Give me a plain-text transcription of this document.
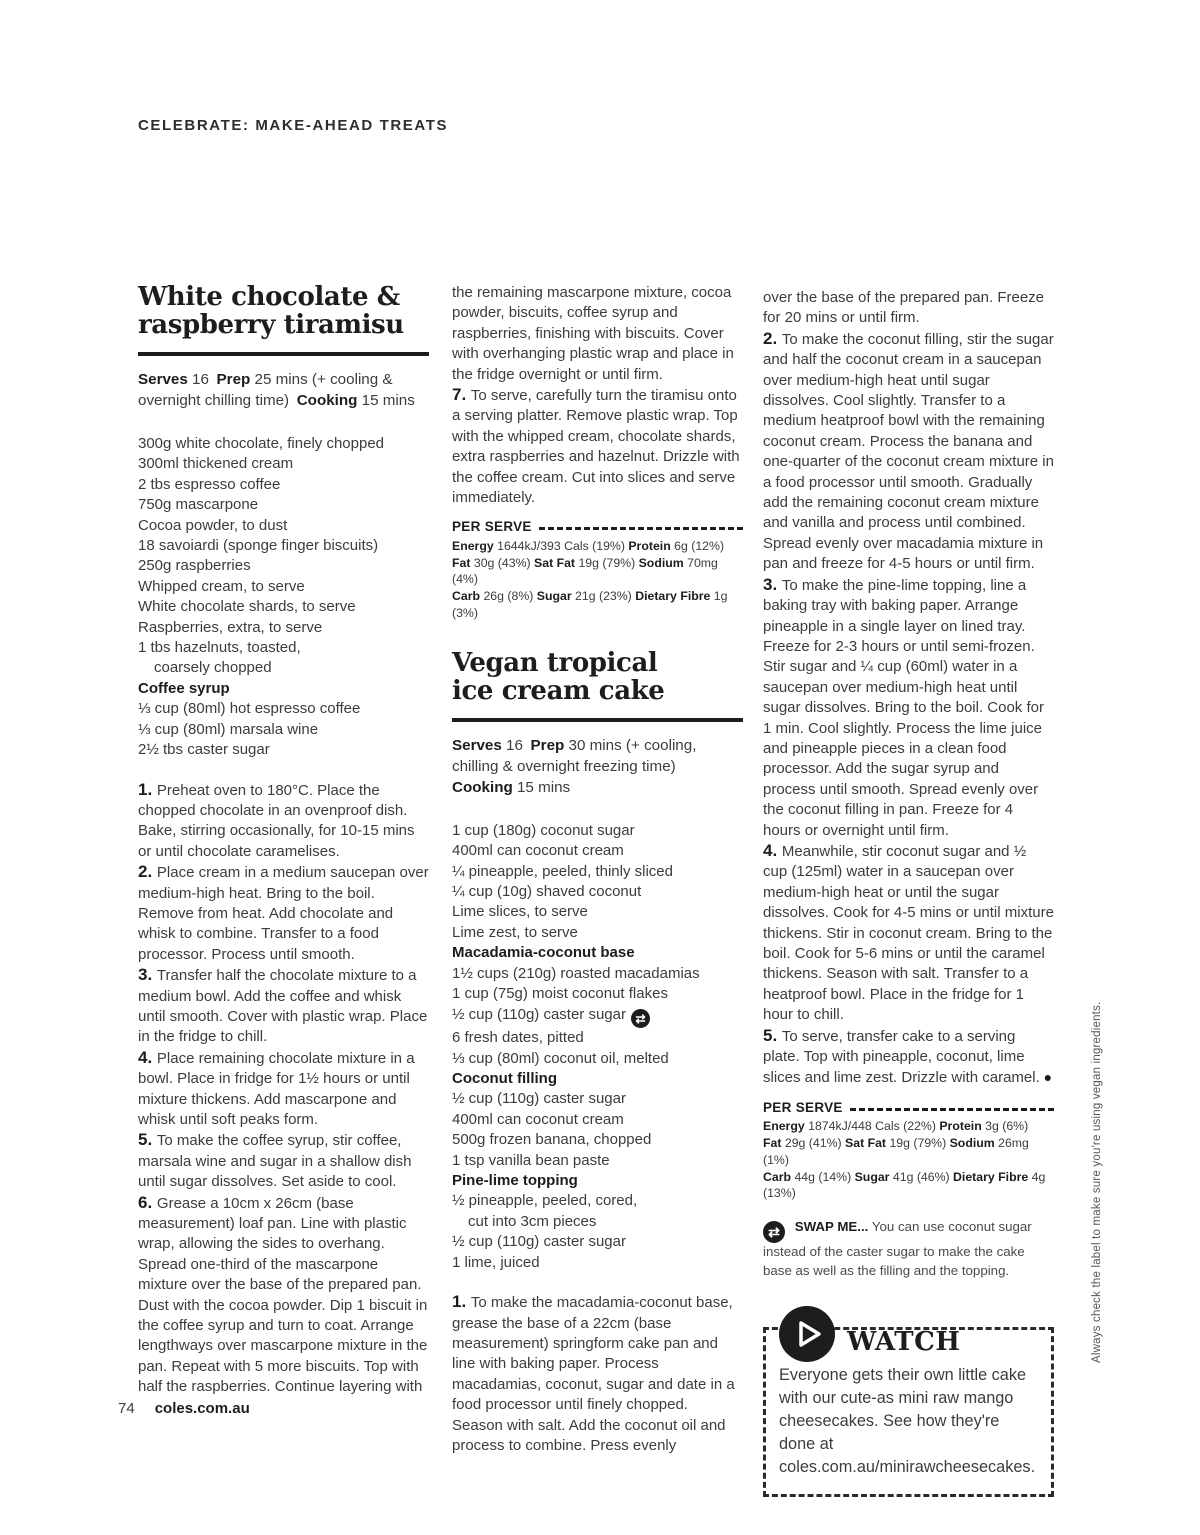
CELEBRATE: MAKE-AHEAD TREATS
White chocolate &
raspberry tiramisu

Serves 16 Prep 25 mins (+ cooling & overnight chilling time) Cooking 15 mins

300g white chocolate, finely chopped
300ml thickened cream
2 tbs espresso coffee
750g mascarpone
Cocoa powder, to dust
18 savoiardi (sponge finger biscuits)
250g raspberries
Whipped cream, to serve
White chocolate shards, to serve
Raspberries, extra, to serve
1 tbs hazelnuts, toasted,
coarsely chopped
Coffee syrup
⅓ cup (80ml) hot espresso coffee
⅓ cup (80ml) marsala wine
2½ tbs caster sugar

1. Preheat oven to 180°C. Place the chopped chocolate in an ovenproof dish. Bake, stirring occasionally, for 10-15 mins or until chocolate caramelises.

2. Place cream in a medium saucepan over medium-high heat. Bring to the boil. Remove from heat. Add chocolate and whisk to combine. Transfer to a food processor. Process until smooth.

3. Transfer half the chocolate mixture to a medium bowl. Add the coffee and whisk until smooth. Cover with plastic wrap. Place in the fridge to chill.

4. Place remaining chocolate mixture in a bowl. Place in fridge for 1½ hours or until mixture thickens. Add mascarpone and whisk until soft peaks form.

5. To make the coffee syrup, stir coffee, marsala wine and sugar in a shallow dish until sugar dissolves. Set aside to cool.

6. Grease a 10cm x 26cm (base measurement) loaf pan. Line with plastic wrap, allowing the sides to overhang. Spread one-third of the mascarpone mixture over the base of the prepared pan. Dust with the cocoa powder. Dip 1 biscuit in the coffee syrup and turn to coat. Arrange lengthways over mascarpone mixture in the pan. Repeat with 5 more biscuits. Top with half the raspberries. Continue layering with

the remaining mascarpone mixture, cocoa powder, biscuits, coffee syrup and raspberries, finishing with biscuits. Cover with overhanging plastic wrap and place in the fridge overnight or until firm.

7. To serve, carefully turn the tiramisu onto a serving platter. Remove plastic wrap. Top with the whipped cream, chocolate shards, extra raspberries and hazelnut. Drizzle with the coffee cream. Cut into slices and serve immediately.

PER SERVE
Energy 1644kJ/393 Cals (19%) Protein 6g (12%)
Fat 30g (43%) Sat Fat 19g (79%) Sodium 70mg (4%)
Carb 26g (8%) Sugar 21g (23%) Dietary Fibre 1g (3%)
Vegan tropical
ice cream cake

Serves 16 Prep 30 mins (+ cooling, chilling & overnight freezing time) Cooking 15 mins

1 cup (180g) coconut sugar
400ml can coconut cream
¼ pineapple, peeled, thinly sliced
¼ cup (10g) shaved coconut
Lime slices, to serve
Lime zest, to serve
Macadamia-coconut base
1½ cups (210g) roasted macadamias
1 cup (75g) moist coconut flakes
½ cup (110g) caster sugar ⇄
6 fresh dates, pitted
⅓ cup (80ml) coconut oil, melted
Coconut filling
½ cup (110g) caster sugar
400ml can coconut cream
500g frozen banana, chopped
1 tsp vanilla bean paste
Pine-lime topping
½ pineapple, peeled, cored,
cut into 3cm pieces
½ cup (110g) caster sugar
1 lime, juiced

1. To make the macadamia-coconut base, grease the base of a 22cm (base measurement) springform cake pan and line with baking paper. Process macadamias, coconut, sugar and date in a food processor until finely chopped. Season with salt. Add the coconut oil and process to combine. Press evenly

over the base of the prepared pan. Freeze for 20 mins or until firm.

2. To make the coconut filling, stir the sugar and half the coconut cream in a saucepan over medium-high heat until sugar dissolves. Cool slightly. Transfer to a medium heatproof bowl with the remaining coconut cream. Process the banana and one-quarter of the coconut cream mixture in a food processor until smooth. Gradually add the remaining coconut cream mixture and vanilla and process until combined. Spread evenly over macadamia mixture in pan and freeze for 4-5 hours or until firm.

3. To make the pine-lime topping, line a baking tray with baking paper. Arrange pineapple in a single layer on lined tray. Freeze for 2-3 hours or until semi-frozen. Stir sugar and ¼ cup (60ml) water in a saucepan over medium-high heat until sugar dissolves. Bring to the boil. Cook for 1 min. Cool slightly. Process the lime juice and pineapple pieces in a clean food processor. Add the sugar syrup and process until smooth. Spread evenly over the coconut filling in pan. Freeze for 4 hours or overnight until firm.

4. Meanwhile, stir coconut sugar and ½ cup (125ml) water in a saucepan over medium-high heat or until the sugar dissolves. Cook for 4-5 mins or until mixture thickens. Stir in coconut cream. Bring to the boil. Cook for 5-6 mins or until the caramel thickens. Season with salt. Transfer to a heatproof bowl. Place in the fridge for 1 hour to chill.

5. To serve, transfer cake to a serving plate. Top with pineapple, coconut, lime slices and lime zest. Drizzle with caramel. ●

PER SERVE
Energy 1874kJ/448 Cals (22%) Protein 3g (6%)
Fat 29g (41%) Sat Fat 19g (79%) Sodium 26mg (1%)
Carb 44g (14%) Sugar 41g (46%) Dietary Fibre 4g (13%)

⇄ SWAP ME... You can use coconut sugar instead of the caster sugar to make the cake base as well as the filling and the topping.

WATCH
Everyone gets their own little cake with our cute-as mini raw mango cheesecakes. See how they're done at coles.com.au/minirawcheesecakes.
Always check the label to make sure you're using vegan ingredients.
74 coles.com.au
